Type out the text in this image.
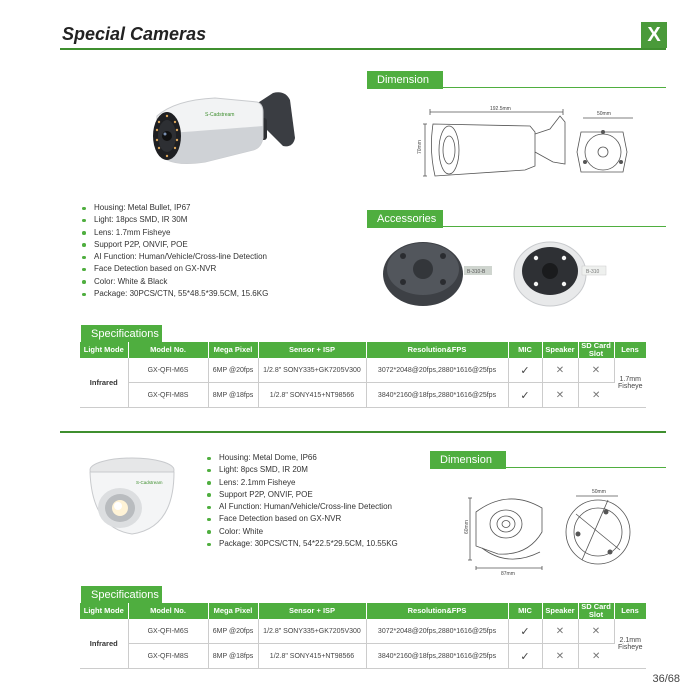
Special Cameras	X
S-Cadstream
Dimension
192.5mm
70mm
50mm
Housing: Metal Bullet, IP67
Light: 18pcs SMD, IR 30M
Lens: 1.7mm Fisheye
Support P2P, ONVIF, POE
AI Function: Human/Vehicle/Cross-line Detection
Face Detection based on GX-NVR
Color: White & Black
Package: 30PCS/CTN, 55*48.5*39.5CM, 15.6KG
Accessories
B-310-B	B-310
Specifications
Light Mode	Model No.	Mega Pixel	Sensor + ISP	Resolution&FPS	MIC	Speaker	SD Card Slot	Lens
Infrared	GX-QFI-M6S	6MP @20fps	1/2.8" SONY335+GK7205V300	3072*2048@20fps,2880*1616@25fps	✓	✕	✕	1.7mm Fisheye
	GX-QFI-M8S	8MP @18fps	1/2.8" SONY415+NT98566	3840*2160@18fps,2880*1616@25fps	✓	✕	✕	
S-Cadstream
Housing: Metal Dome, IP66
Light: 8pcs SMD, IR 20M
Lens: 2.1mm Fisheye
Support P2P, ONVIF, POE
AI Function: Human/Vehicle/Cross-line Detection
Face Detection based on GX-NVR
Color: White
Package: 30PCS/CTN, 54*22.5*29.5CM, 10.55KG
Dimension
60mm
87mm
50mm
Specifications
Light Mode	Model No.	Mega Pixel	Sensor + ISP	Resolution&FPS	MIC	Speaker	SD Card Slot	Lens
Infrared	GX-QFI-M6S	6MP @20fps	1/2.8" SONY335+GK7205V300	3072*2048@20fps,2880*1616@25fps	✓	✕	✕	2.1mm Fisheye
	GX-QFI-M8S	8MP @18fps	1/2.8" SONY415+NT98566	3840*2160@18fps,2880*1616@25fps	✓	✕	✕	
36/68
